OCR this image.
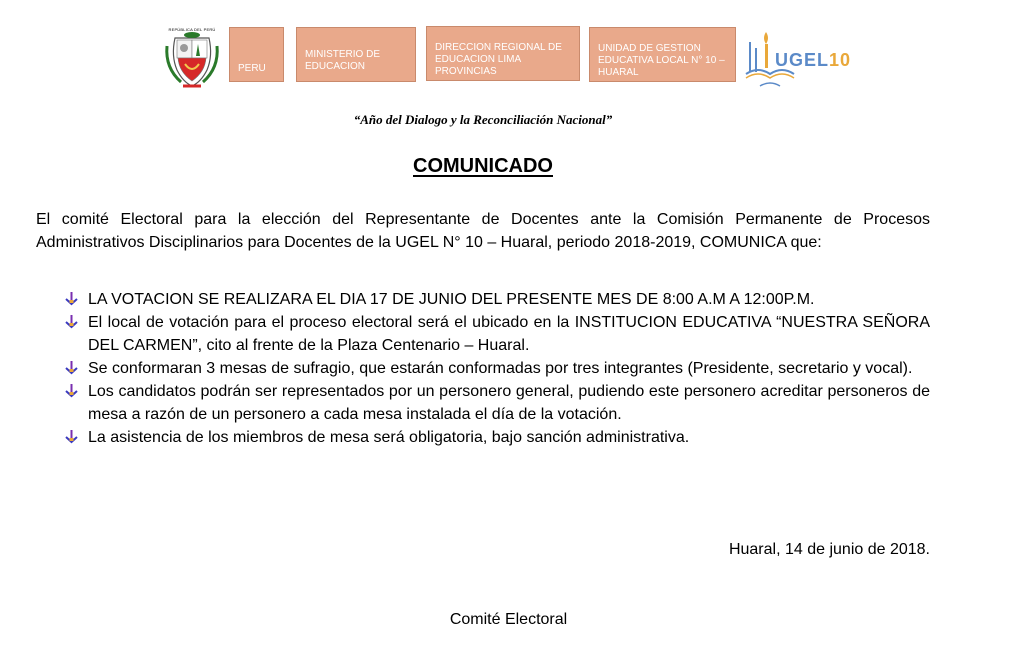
REPÚBLICA DEL PERÚ
PERU
MINISTERIO DE EDUCACION
DIRECCION REGIONAL DE EDUCACION LIMA PROVINCIAS
UNIDAD DE GESTION EDUCATIVA LOCAL N° 10 – HUARAL
UGEL10
“Año del Dialogo y la Reconciliación Nacional”
COMUNICADO
El comité Electoral para la elección del Representante de Docentes ante la Comisión Permanente de Procesos Administrativos Disciplinarios para Docentes de la UGEL N° 10 – Huaral, periodo 2018-2019, COMUNICA que:
LA VOTACION SE REALIZARA EL DIA 17 DE JUNIO DEL PRESENTE MES DE 8:00 A.M A 12:00P.M.
El local de votación para el proceso electoral será el ubicado en la INSTITUCION EDUCATIVA “NUESTRA SEÑORA DEL CARMEN”, cito al frente de la Plaza Centenario – Huaral.
Se conformaran 3 mesas de sufragio, que estarán conformadas por tres integrantes (Presidente, secretario y vocal).
Los candidatos podrán ser representados por un personero general, pudiendo este personero acreditar personeros de mesa a razón de un personero a cada mesa instalada el día de la votación.
La asistencia de los miembros de mesa será obligatoria, bajo sanción administrativa.
Huaral, 14 de junio de 2018.
Comité Electoral
